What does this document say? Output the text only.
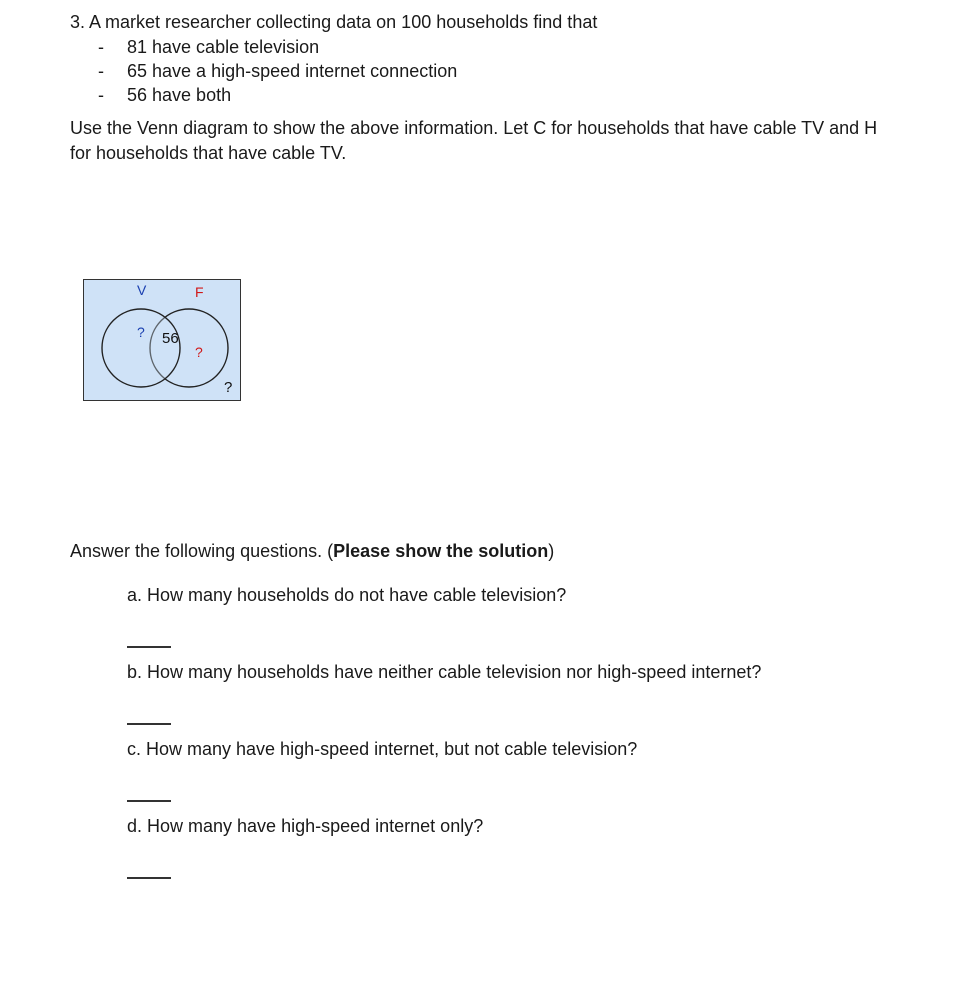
3. A market researcher collecting data on 100 households find that
- 81 have cable television
- 65 have a high-speed internet connection
- 56 have both
Use the Venn diagram to show the above information. Let C for households that have cable TV and H
for households that have cable TV.
V	F
? 56
?
?
Answer the following questions. (Please show the solution)
a. How many households do not have cable television?
b. How many households have neither cable television nor high-speed internet?
c. How many have high-speed internet, but not cable television?
d. How many have high-speed internet only?
